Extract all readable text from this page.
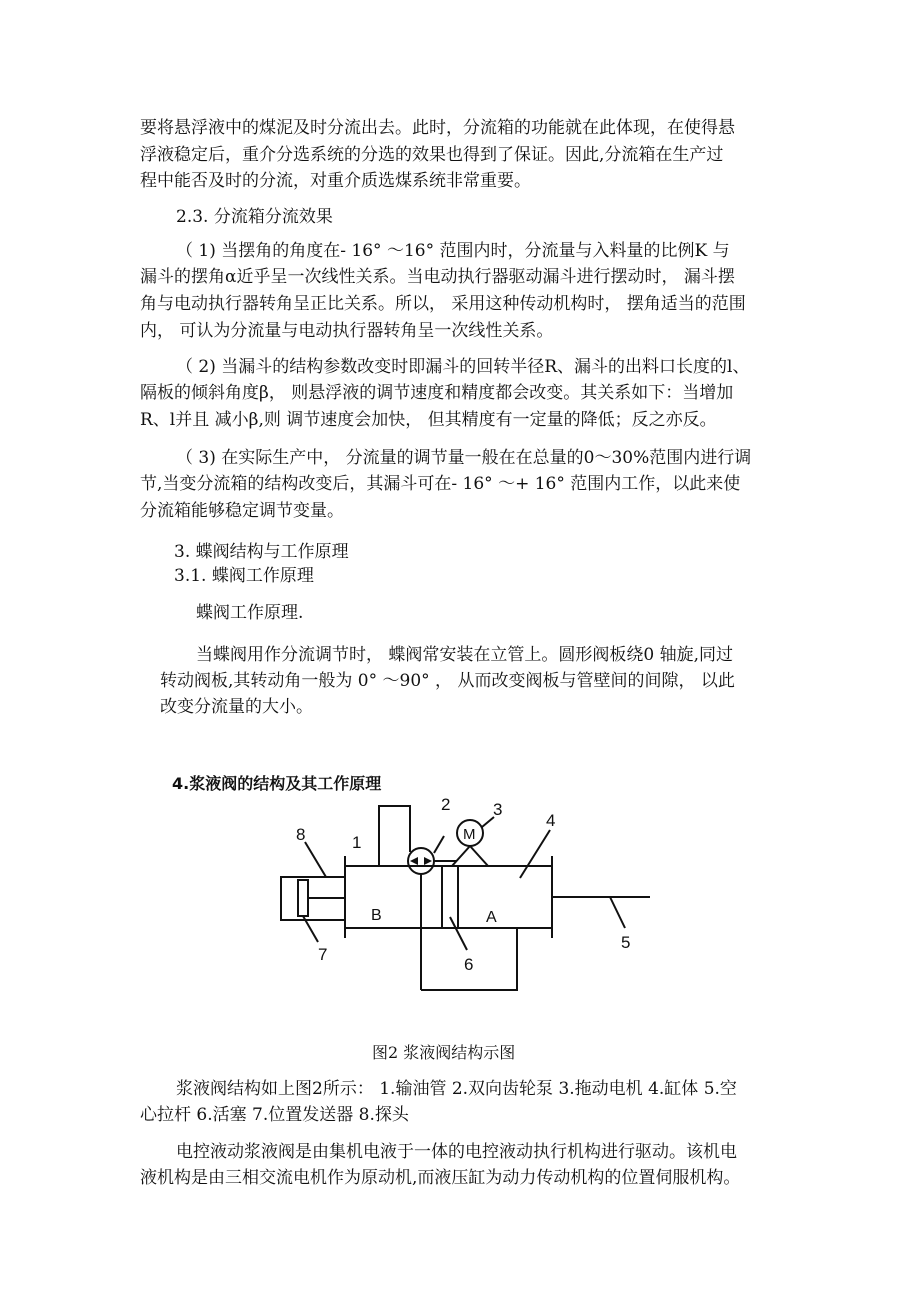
要将悬浮液中的煤泥及时分流出去。此时，分流箱的功能就在此体现，在使得悬
浮液稳定后，重介分选系统的分选的效果也得到了保证。因此,分流箱在生产过
程中能否及时的分流，对重介质选煤系统非常重要。
2.3. 分流箱分流效果
（ 1) 当摆角的角度在- 16° ～16° 范围内时，分流量与入料量的比例K 与
漏斗的摆角α近乎呈一次线性关系。当电动执行器驱动漏斗进行摆动时， 漏斗摆
角与电动执行器转角呈正比关系。所以， 采用这种传动机构时， 摆角适当的范围
内， 可认为分流量与电动执行器转角呈一次线性关系。
（ 2) 当漏斗的结构参数改变时即漏斗的回转半径R、漏斗的出料口长度的l、
隔板的倾斜角度β， 则悬浮液的调节速度和精度都会改变。其关系如下：当增加
R、l并且 减小β,则 调节速度会加快， 但其精度有一定量的降低；反之亦反。
（ 3) 在实际生产中， 分流量的调节量一般在在总量的0～30%范围内进行调
节,当变分流箱的结构改变后，其漏斗可在- 16° ～+ 16° 范围内工作，以此来使
分流箱能够稳定调节变量。
3. 蝶阀结构与工作原理
3.1. 蝶阀工作原理
蝶阀工作原理.
当蝶阀用作分流调节时， 蝶阀常安装在立管上。圆形阀板绕0 轴旋,同过
转动阀板,其转动角一般为 0° ～90° ， 从而改变阀板与管壁间的间隙， 以此
改变分流量的大小。
4.浆液阀的结构及其工作原理
8	1
2	3
4
5
6
7
M
B	A
图2 浆液阀结构示图
浆液阀结构如上图2所示： 1.输油管 2.双向齿轮泵 3.拖动电机 4.缸体 5.空
心拉杆 6.活塞 7.位置发送器 8.探头
电控液动浆液阀是由集机电液于一体的电控液动执行机构进行驱动。该机电
液机构是由三相交流电机作为原动机,而液压缸为动力传动机构的位置伺服机构。
